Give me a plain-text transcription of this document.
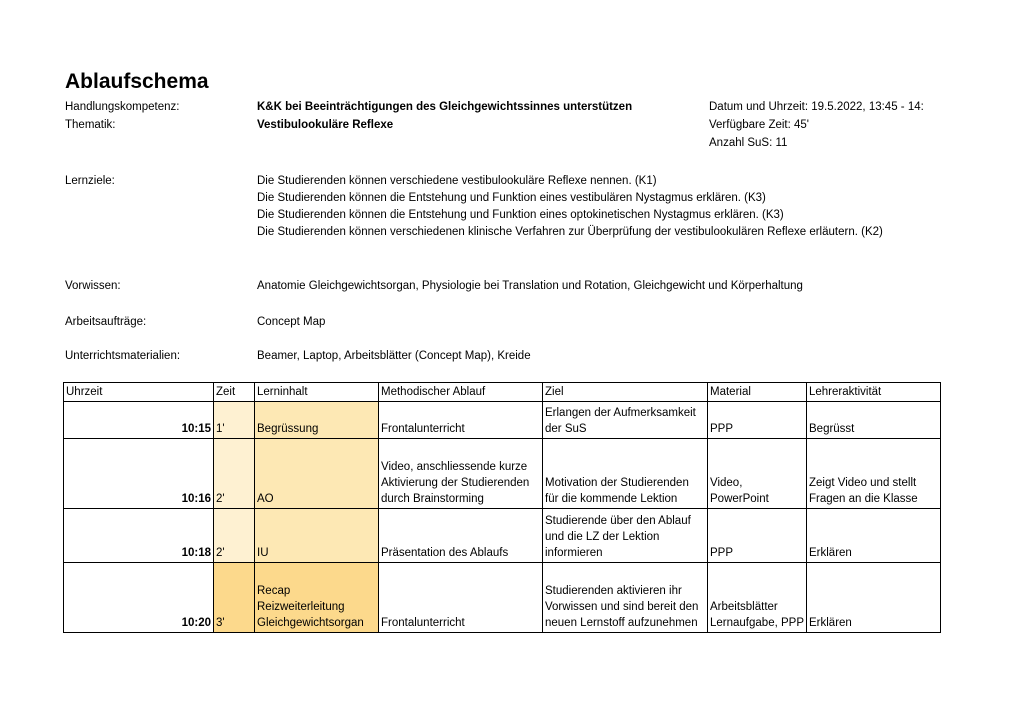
Ablaufschema
Handlungskompetenz:	K&K bei Beeinträchtigungen des Gleichgewichtssinnes unterstützen	Datum und Uhrzeit: 19.5.2022, 13:45 - 14:
Thematik:	Vestibulookuläre Reflexe	Verfügbare Zeit: 45'
Anzahl SuS: 11
Lernziele:	Die Studierenden können verschiedene vestibulookuläre Reflexe nennen. (K1)
Die Studierenden können die Entstehung und Funktion eines vestibulären Nystagmus erklären. (K3)
Die Studierenden können die Entstehung und Funktion eines optokinetischen Nystagmus erklären. (K3)
Die Studierenden können verschiedenen klinische Verfahren zur Überprüfung der vestibulookulären Reflexe erläutern. (K2)
Vorwissen:	Anatomie Gleichgewichtsorgan, Physiologie bei Translation und Rotation, Gleichgewicht und Körperhaltung
Arbeitsaufträge:	Concept Map
Unterrichtsmaterialien:	Beamer, Laptop, Arbeitsblätter (Concept Map), Kreide
Uhrzeit	Zeit	Lerninhalt	Methodischer Ablauf	Ziel	Material	Lehreraktivität
10:15	1'	Begrüssung	Frontalunterricht	Erlangen der Aufmerksamkeit der SuS	PPP	Begrüsst
10:16	2'	AO	Video, anschliessende kurze Aktivierung der Studierenden durch Brainstorming	Motivation der Studierenden für die kommende Lektion	Video, PowerPoint	Zeigt Video und stellt Fragen an die Klasse
10:18	2'	IU	Präsentation des Ablaufs	Studierende über den Ablauf und die LZ der Lektion informieren	PPP	Erklären
10:20	3'	Recap Reizweiterleitung Gleichgewichtsorgan	Frontalunterricht	Studierenden aktivieren ihr Vorwissen und sind bereit den neuen Lernstoff aufzunehmen	Arbeitsblätter Lernaufgabe, PPP	Erklären
